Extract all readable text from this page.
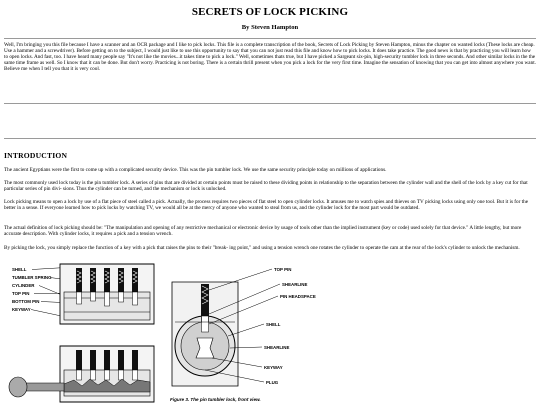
SECRETS OF LOCK PICKING
By Steven Hampton

Well, I'm bringing you this file because I have a scanner and an OCR package and I like to pick locks. This file is a complete transcription of the book, Secrets of Lock Picking by Steven Hampton, minus the chapter on wanted locks (These locks are cheap. Use a hammer and a screwdriver). Before getting on to the subject, I would just like to use this opportunity to say that you can not just read this file and know how to pick locks. It does take practice. The good news is that by practicing you will learn how to open locks. And fast, too. I have heard many people say "It's not like the movies...it takes time to pick a lock." Well, sometimes thats true, but I have picked a Sargeant six-pin, high-security tumbler lock in three seconds. And other similar locks in the the same time frame as well. So I know that it can be done. But don't worry. Practicing is not boring. There is a certain thrill present when you pick a lock for the very first time. Imagine the sensation of knowing that you can get into almost anywhere you want. Believe me when I tell you that it is very cool.

INTRODUCTION

The ancient Egyptians were the first to come up with a complicated security device. This was the pin tumbler lock. We use the same security principle today on millions of applications.

The most commonly used lock today is the pin tumbler lock. A series of pins that are divided at certain points must be raised to these dividing points in relationship to the separation between the cylinder wall and the shell of the lock by a key cut for that particular series of pin divi- sions. Thus the cylinder can be turned, and the mechanism or lock is unlocked.

Lock picking means to open a lock by use of a flat piece of steel called a pick. Actually, the process requires two pieces of flat steel to open cylinder locks. It amuses me to watch spies and thieves on TV picking locks using only one tool. But it is for the better in a sense. If everyone learned how to pick locks by watching TV, we would all be at the mercy of anyone who wanted to steal from us, and the cylinder lock for the most part would be outdated.

The actual definition of lock picking should be: "The manipulation and opening of any restrictive mechanical or electronic device by usage of tools other than the implied instrument (key or code) used solely for that device." A little lengthy, but more accurate description. With cylinder locks, it requires a pick and a tension wrench.

By picking the lock, you simply replace the function of a key with a pick that raises the pins to their "break- ing point," and using a tension wrench one rotates the cylinder to operate the cam at the rear of the lock's cylinder to unlock the mechanism.

SHELL
TUMBLER SPRING
CYLINDER
TOP PIN
BOTTOM PIN
KEYWAY
TOP PIN
SHEARLINE
PIN HEADSPACE
SHELL
SHEARLINE
KEYWAY
PLUG
Figure 3. The pin tumbler lock, front view.
